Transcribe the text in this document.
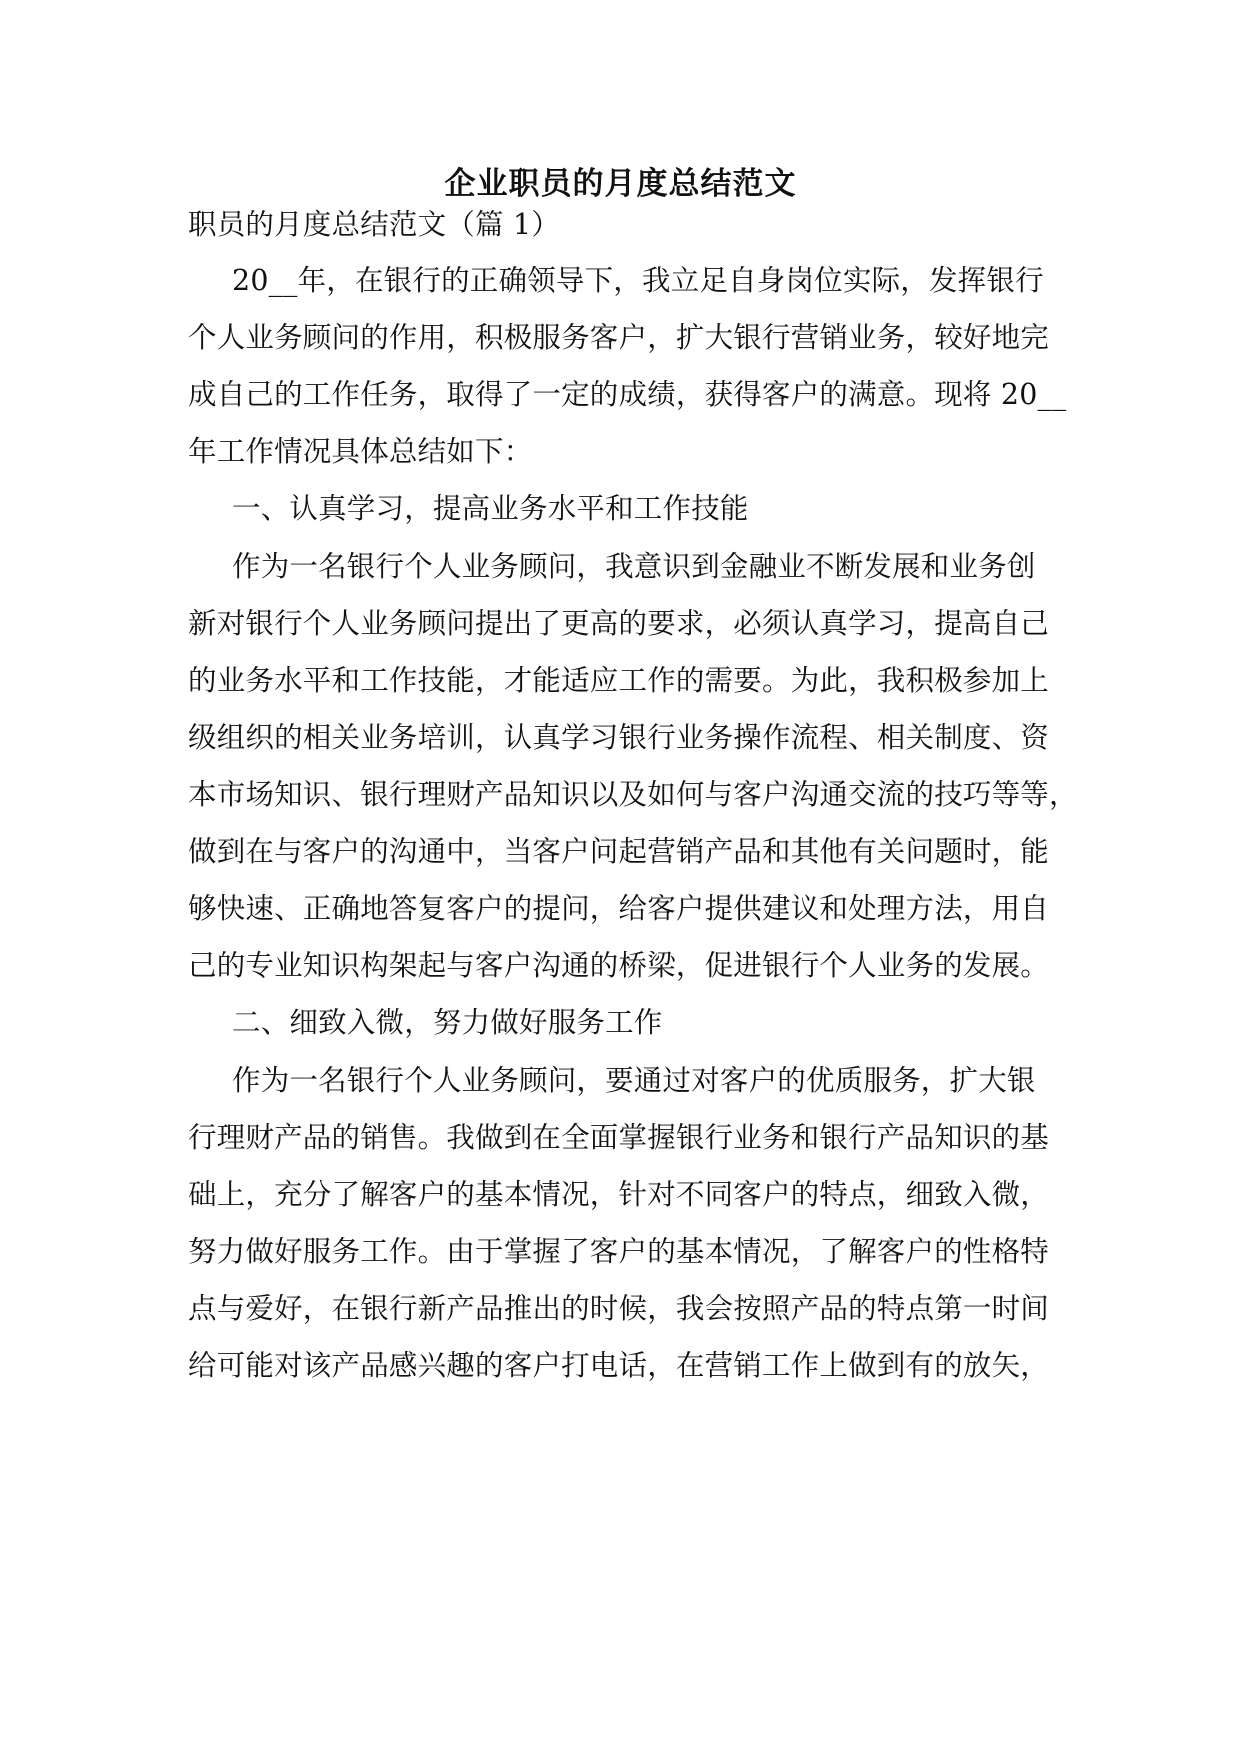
企业职员的月度总结范文
职员的月度总结范文（篇 1）
20__年，在银行的正确领导下，我立足自身岗位实际，发挥银行
个人业务顾问的作用，积极服务客户，扩大银行营销业务，较好地完
成自己的工作任务，取得了一定的成绩，获得客户的满意。现将 20__
年工作情况具体总结如下：
一、认真学习，提高业务水平和工作技能
作为一名银行个人业务顾问，我意识到金融业不断发展和业务创
新对银行个人业务顾问提出了更高的要求，必须认真学习，提高自己
的业务水平和工作技能，才能适应工作的需要。为此，我积极参加上
级组织的相关业务培训，认真学习银行业务操作流程、相关制度、资
本市场知识、银行理财产品知识以及如何与客户沟通交流的技巧等等，
做到在与客户的沟通中，当客户问起营销产品和其他有关问题时，能
够快速、正确地答复客户的提问，给客户提供建议和处理方法，用自
己的专业知识构架起与客户沟通的桥梁，促进银行个人业务的发展。
二、细致入微，努力做好服务工作
作为一名银行个人业务顾问，要通过对客户的优质服务，扩大银
行理财产品的销售。我做到在全面掌握银行业务和银行产品知识的基
础上，充分了解客户的基本情况，针对不同客户的特点，细致入微，
努力做好服务工作。由于掌握了客户的基本情况，了解客户的性格特
点与爱好，在银行新产品推出的时候，我会按照产品的特点第一时间
给可能对该产品感兴趣的客户打电话，在营销工作上做到有的放矢，
